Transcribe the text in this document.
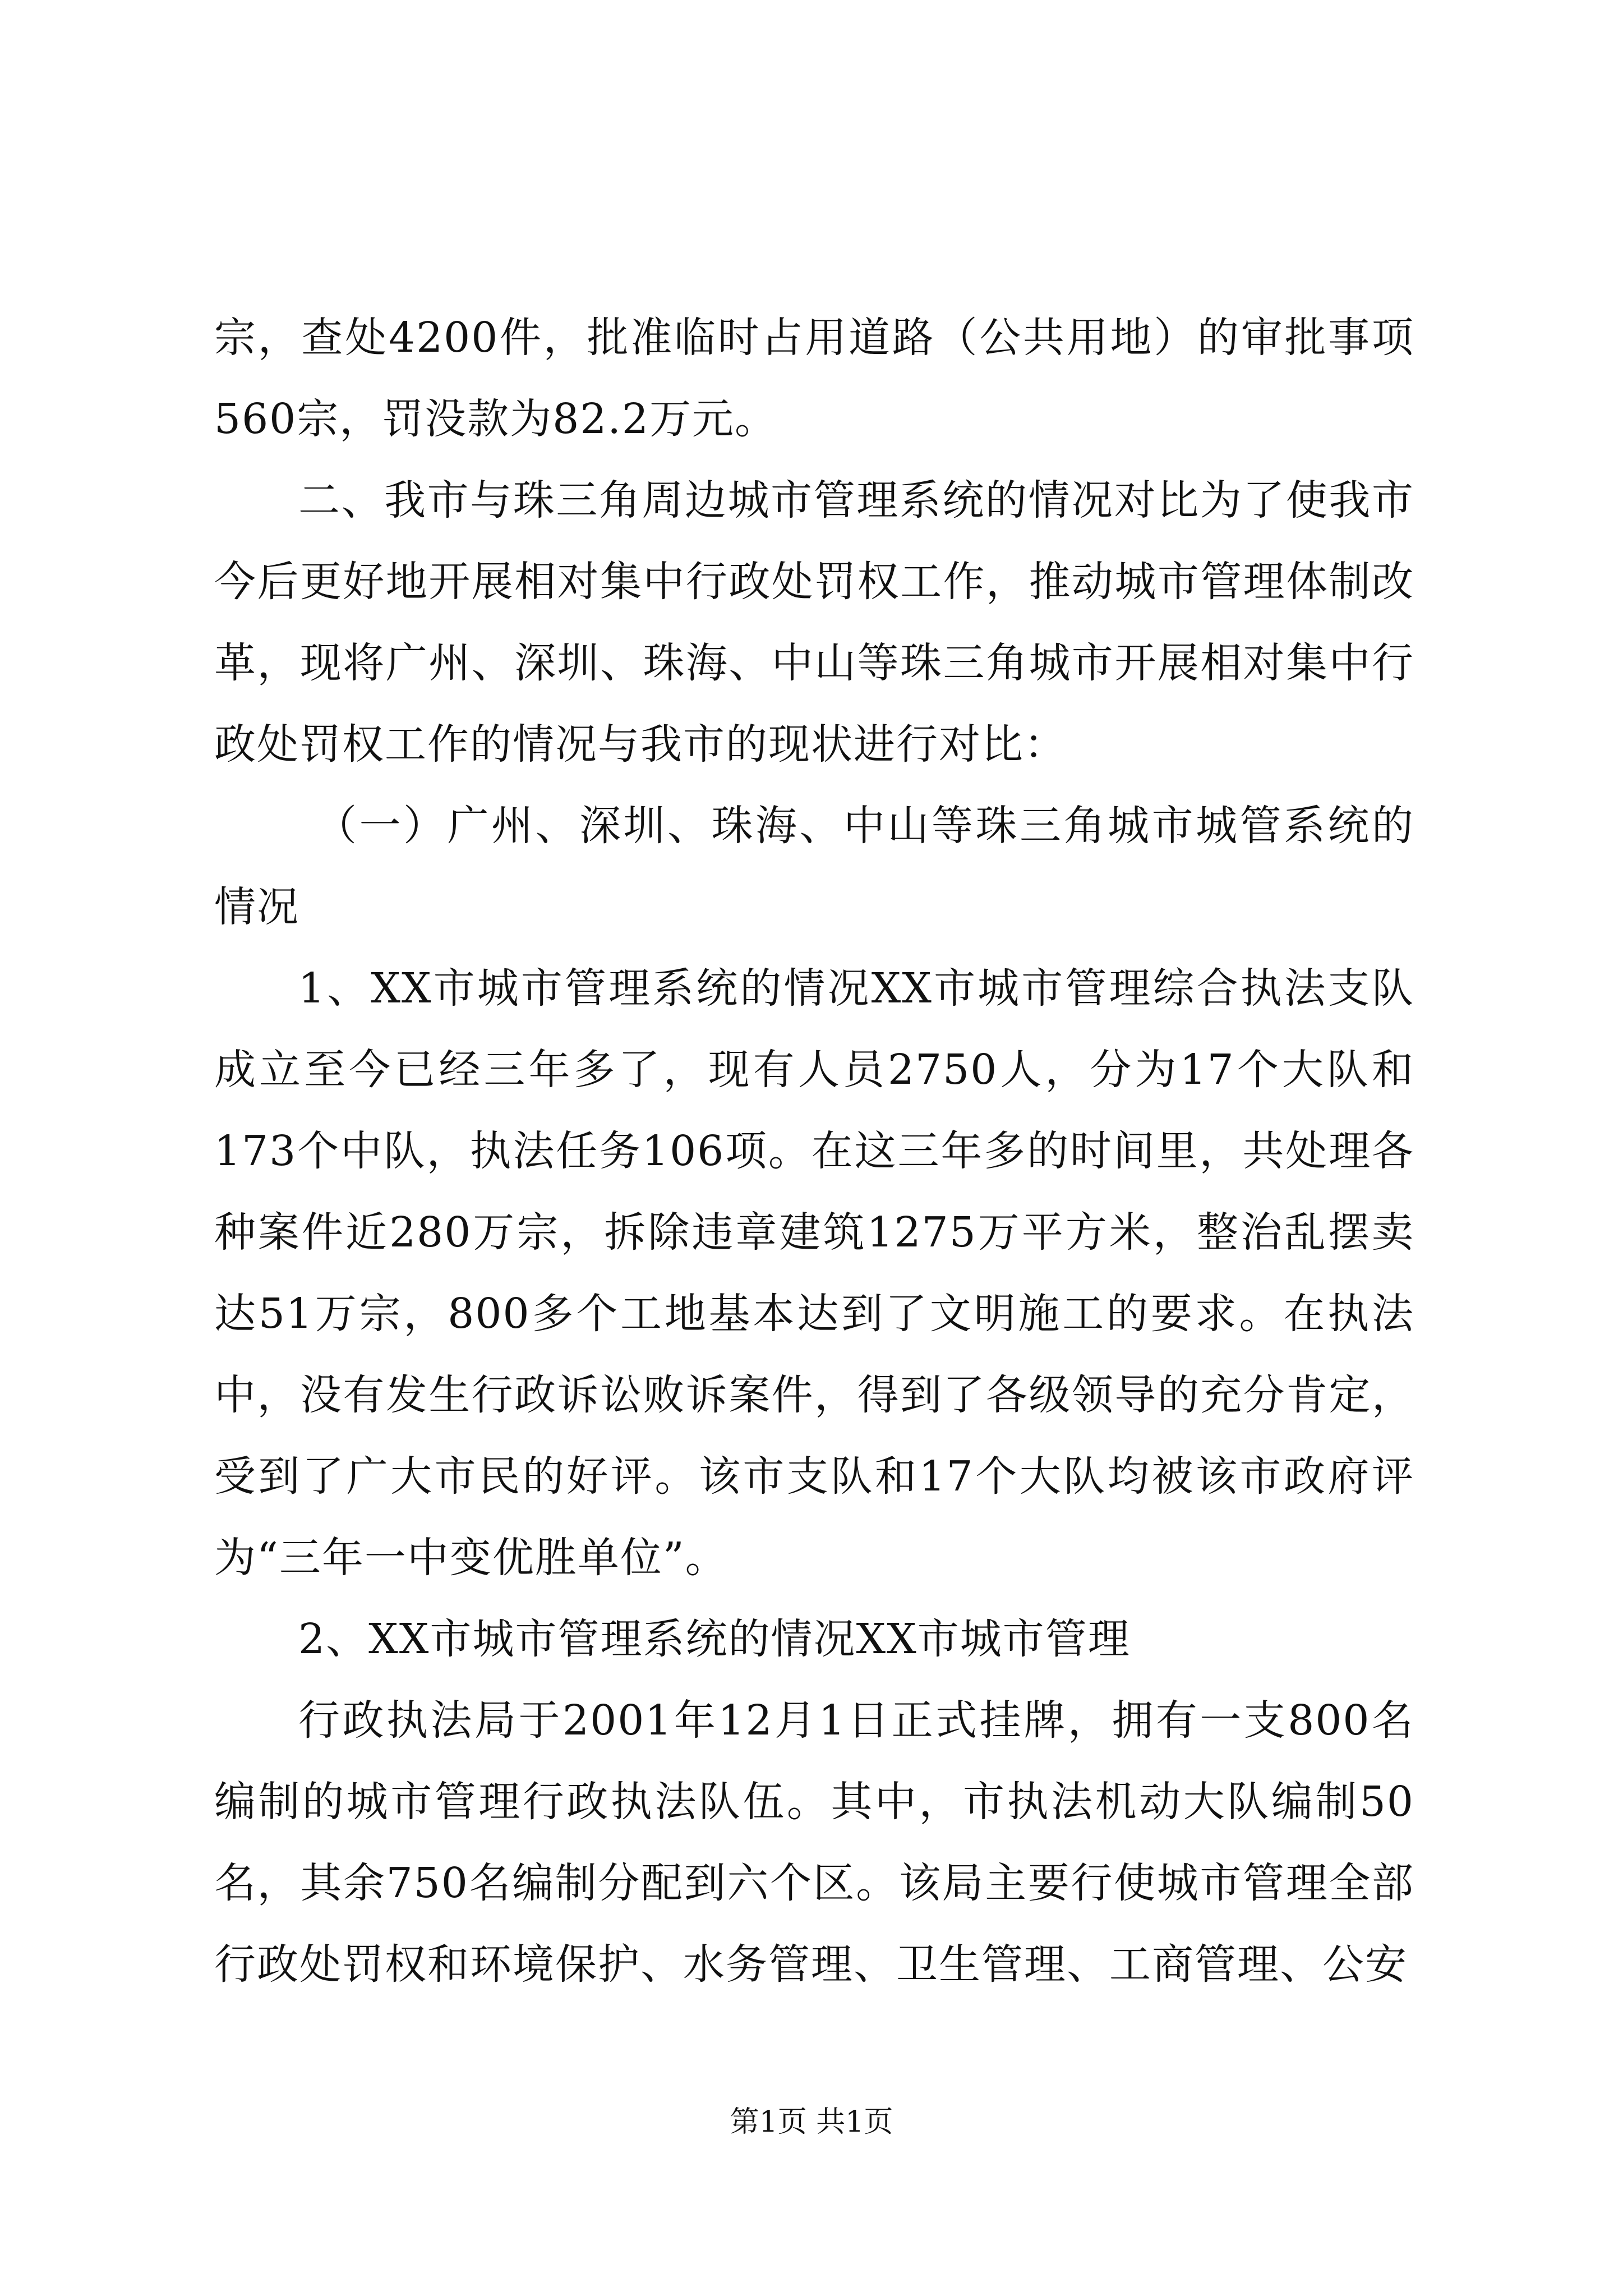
宗，查处4200件，批准临时占用道路（公共用地）的审批事项560宗，罚没款为82.2万元。

二、我市与珠三角周边城市管理系统的情况对比为了使我市今后更好地开展相对集中行政处罚权工作，推动城市管理体制改革，现将广州、深圳、珠海、中山等珠三角城市开展相对集中行政处罚权工作的情况与我市的现状进行对比：

（一）广州、深圳、珠海、中山等珠三角城市城管系统的情况

1、XX市城市管理系统的情况XX市城市管理综合执法支队成立至今已经三年多了，现有人员2750人，分为17个大队和173个中队，执法任务106项。在这三年多的时间里，共处理各种案件近280万宗，拆除违章建筑1275万平方米，整治乱摆卖达51万宗，800多个工地基本达到了文明施工的要求。在执法中，没有发生行政诉讼败诉案件，得到了各级领导的充分肯定，受到了广大市民的好评。该市支队和17个大队均被该市政府评为“三年一中变优胜单位”。

2、XX市城市管理系统的情况XX市城市管理

行政执法局于2001年12月1日正式挂牌，拥有一支800名编制的城市管理行政执法队伍。其中，市执法机动大队编制50名，其余750名编制分配到六个区。该局主要行使城市管理全部行政处罚权和环境保护、水务管理、卫生管理、工商管理、公安

第1页 共1页
